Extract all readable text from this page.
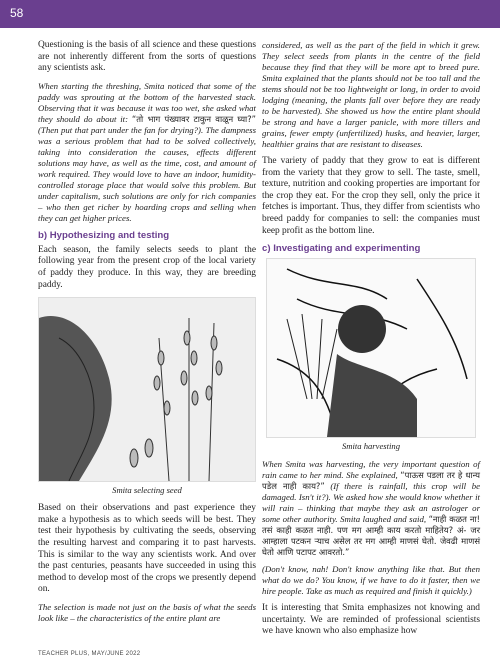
58

Questioning is the basis of all science and these questions are not inherently different from the sorts of questions any scientists ask.

When starting the threshing, Smita noticed that some of the paddy was sprouting at the bottom of the harvested stack. Observing that it was because it was too wet, she asked what they should do about it: “तो भाग पंख्यावर टाकुन वाळून घ्या?” (Then put that part under the fan for drying?). The dampness was a serious problem that had to be solved collectively, taking into consideration the causes, effects different solutions may have, as well as the time, cost, and amount of work required. They would love to have an indoor, humidity-controlled storage place that would solve this problem. But under capitalism, such solutions are only for rich companies – who then get richer by hoarding crops and selling when they can get higher prices.

b) Hypothesizing and testing

Each season, the family selects seeds to plant the following year from the present crop of the local variety of paddy they produce. In this way, they are breeding paddy.

Smita selecting seed

Based on their observations and past experience they make a hypothesis as to which seeds will be best. They test their hypothesis by cultivating the seeds, observing the resulting harvest and comparing it to past harvests. This is similar to the way any scientists work. And over the past centuries, peasants have succeeded in using this method to develop most of the crops we presently depend on.

The selection is made not just on the basis of what the seeds look like – the characteristics of the entire plant are

considered, as well as the part of the field in which it grew. They select seeds from plants in the centre of the field because they find that they will be more apt to breed pure. Smita explained that the plants should not be too tall and the stems should not be too lightweight or long, in order to avoid lodging (meaning, the plants fall over before they are ready to be harvested). She showed us how the entire plant should be strong and have a larger panicle, with more tillers and grains, fewer empty (unfertilized) husks, and heavier, larger, healthier grains that are resistant to diseases.

The variety of paddy that they grow to eat is different from the variety that they grow to sell. The taste, smell, texture, nutrition and cooking properties are important for the crop they eat. For the crop they sell, only the price it fetches is important. Thus, they differ from scientists who breed paddy for companies to sell: the companies must keep profit as the bottom line.

c) Investigating and experimenting
Smita harvesting

When Smita was harvesting, the very important question of rain came to her mind. She explained, “पाऊस पडला तर हे धान्य पडेल नाही काय?” (If there is rainfall, this crop will be damaged. Isn't it?). We asked how she would know whether it will rain – thinking that maybe they ask an astrologer or some other authority. Smita laughed and said, “नाही कळत ना! तसं काही कळत नाही. पण मग आम्ही काय करतो माहितेय? अं- जर आम्हाला पटकन ऱ्याच असेल तर मग आम्ही माणसं घेतो. जेवढी माणसं घेतो आणि पटापट आवरतो.”

(Don't know, nah! Don't know anything like that. But then what do we do? You know, if we have to do it faster, then we hire people. Take as much as required and finish it quickly.)

It is interesting that Smita emphasizes not knowing and uncertainty. We are reminded of professional scientists we have known who also emphasize how

TEACHER PLUS, MAY/JUNE 2022
